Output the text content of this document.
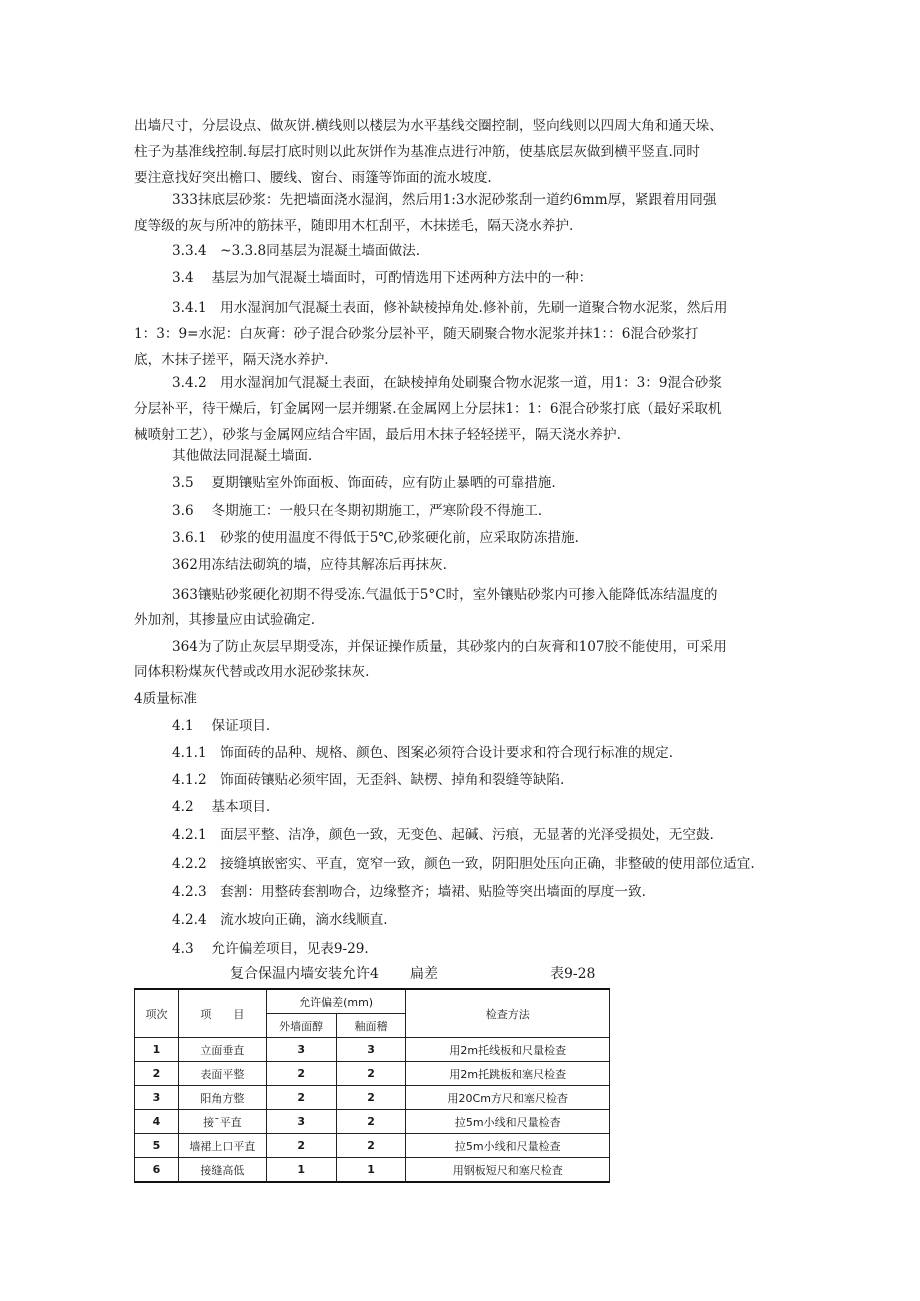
出墙尺寸，分层设点、做灰饼.横线则以楼层为水平基线交圈控制，竖向线则以四周大角和通天垛、
柱子为基准线控制.每层打底时则以此灰饼作为基准点进行冲筋，使基底层灰做到横平竖直.同时
要注意找好突出檐口、腰线、窗台、雨篷等饰面的流水坡度.
333抹底层砂浆：先把墙面浇水湿润，然后用1:3水泥砂浆刮一道约6mm厚，紧跟着用同强
度等级的灰与所冲的筋抹平，随即用木杠刮平，木抹搓毛，隔天浇水养护.
3.3.4　~3.3.8同基层为混凝土墙面做法.
3.4　 基层为加气混凝土墙面时，可酌情选用下述两种方法中的一种：
3.4.1　用水湿润加气混凝土表面，修补缺棱掉角处.修补前，先刷一道聚合物水泥浆，然后用
1：3：9=水泥：白灰膏：砂子混合砂浆分层补平，随天刷聚合物水泥浆并抹1：：6混合砂浆打
底，木抹子搓平，隔天浇水养护.
3.4.2　用水湿润加气混凝土表面，在缺棱掉角处刷聚合物水泥浆一道，用1：3：9混合砂浆
分层补平，待干燥后，钉金属网一层并绷紧.在金属网上分层抹1：1：6混合砂浆打底（最好采取机
械喷射工艺），砂浆与金属网应结合牢固，最后用木抹子轻轻搓平，隔天浇水养护.
其他做法同混凝土墙面.
3.5　 夏期镶贴室外饰面板、饰面砖，应有防止暴晒的可靠措施.
3.6　 冬期施工：一般只在冬期初期施工，严寒阶段不得施工.
3.6.1　砂浆的使用温度不得低于5℃,砂浆硬化前，应采取防冻措施.
362用冻结法砌筑的墙，应待其解冻后再抹灰.
363镶贴砂浆硬化初期不得受冻.气温低于5°C时，室外镶贴砂浆内可掺入能降低冻结温度的
外加剂，其掺量应由试验确定.
364为了防止灰层早期受冻，并保证操作质量，其砂浆内的白灰膏和107胶不能使用，可采用
同体积粉煤灰代替或改用水泥砂浆抹灰.
4质量标准
4.1　 保证项目.
4.1.1　饰面砖的品种、规格、颜色、图案必须符合设计要求和符合现行标准的规定.
4.1.2　饰面砖镶贴必须牢固，无歪斜、缺楞、掉角和裂缝等缺陷.
4.2　 基本项目.
4.2.1　面层平整、洁净，颜色一致，无变色、起碱、污痕，无显著的光泽受损处，无空鼓.
4.2.2　接缝填嵌密实、平直，宽窄一致，颜色一致，阴阳胆处压向正确，非整破的使用部位适宜.
4.2.3　套割：用整砖套割吻合，边缘整齐；墙裙、贴脸等突出墙面的厚度一致.
4.2.4　流水坡向正确，滴水线顺直.
4.3　 允许偏差项目，见表9-29.
复合保温内墙安装允许4 扁差	表9-28
项次	项　　目	允许偏差(mm)		检查方法
		外墙面醇	釉面稽	
1	立面垂直	3	3	用2m托线板和尺量检查
2	表面平整	2	2	用2m托跳板和塞尺检查
3	阳角方整	2	2	用20Cm方尺和塞尺检杳
4	接ˉ平直	3	2	拉5m小线和尺量检杳
5	墙裙上口平直	2	2	拉5m小线和尺量检查
6	接缝高低	1	1	用钢板短尺和塞尺检査
